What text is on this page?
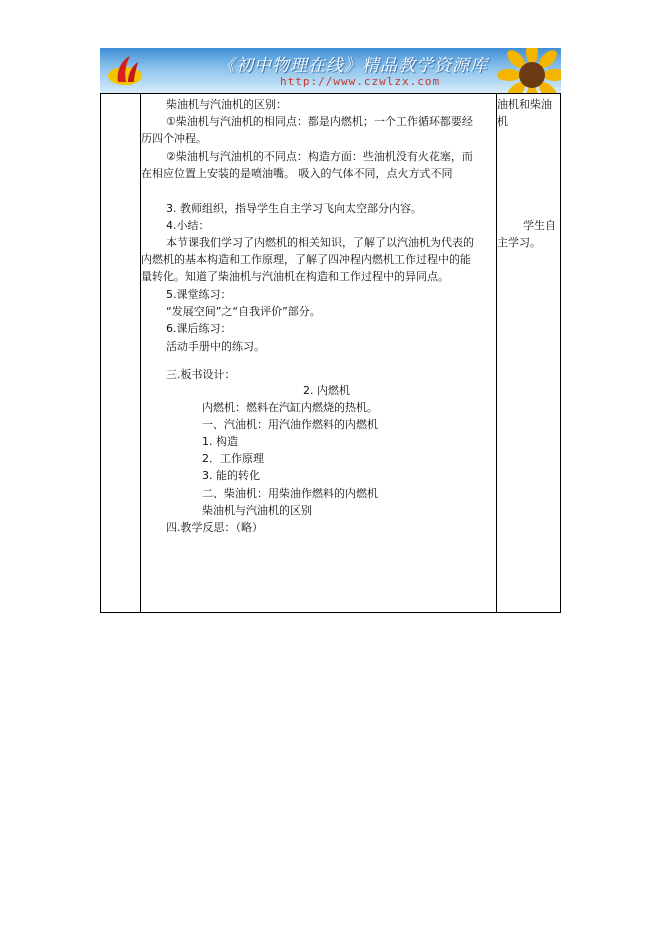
《初中物理在线》精品教学资源库
http://www.czwlzx.com
柴油机与汽油机的区别：
①柴油机与汽油机的相同点：都是内燃机；一个工作循环都要经
历四个冲程。
②柴油机与汽油机的不同点：构造方面：些油机没有火花塞，而
在相应位置上安装的是喷油嘴。 吸入的气体不同，点火方式不同
3. 教师组织，指导学生自主学习飞向太空部分内容。
4.小结：
本节课我们学习了内燃机的相关知识，了解了以汽油机为代表的
内燃机的基本构造和工作原理，了解了四冲程内燃机工作过程中的能
量转化。知道了柴油机与汽油机在构造和工作过程中的异同点。
5.课堂练习：
“发展空间”之“自我评价”部分。
6.课后练习：
活动手册中的练习。
三.板书设计：
2. 内燃机
内燃机：燃料在汽缸内燃烧的热机。
一、汽油机：用汽油作燃料的内燃机
1. 构造
2．工作原理
3. 能的转化
二、柴油机：用柴油作燃料的内燃机
柴油机与汽油机的区别
四.教学反思：（略）
油机和柴油
机
学生自
主学习。
